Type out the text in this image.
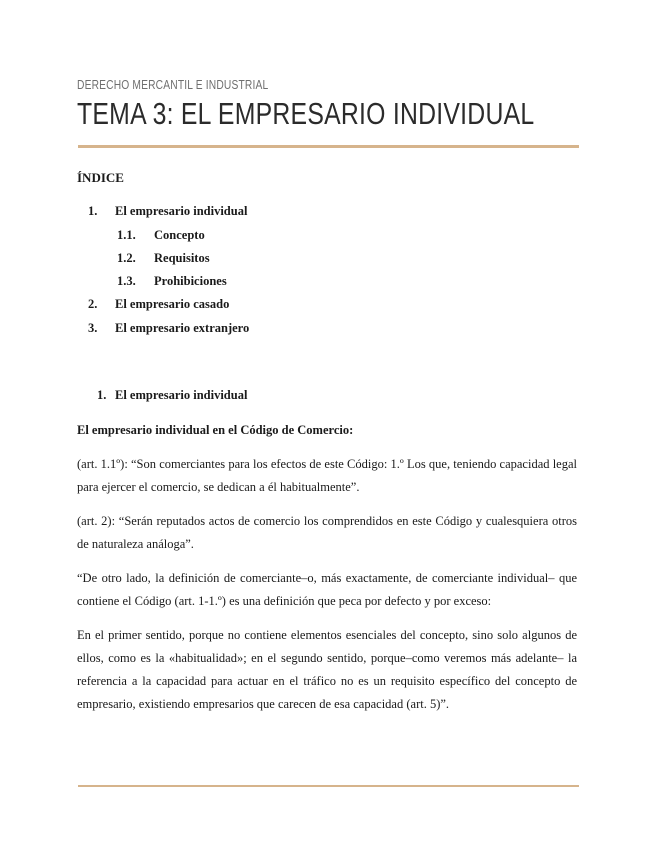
DERECHO MERCANTIL E INDUSTRIAL
TEMA 3: EL EMPRESARIO INDIVIDUAL
ÍNDICE
1. El empresario individual
1.1. Concepto
1.2. Requisitos
1.3. Prohibiciones
2. El empresario casado
3. El empresario extranjero
1. El empresario individual
El empresario individual en el Código de Comercio:
(art. 1.1º): “Son comerciantes para los efectos de este Código: 1.º Los que, teniendo capacidad legal para ejercer el comercio, se dedican a él habitualmente”.
(art. 2): “Serán reputados actos de comercio los comprendidos en este Código y cualesquiera otros de naturaleza análoga”.
“De otro lado, la definición de comerciante–o, más exactamente, de comerciante individual– que contiene el Código (art. 1-1.º) es una definición que peca por defecto y por exceso:
En el primer sentido, porque no contiene elementos esenciales del concepto, sino solo algunos de ellos, como es la «habitualidad»; en el segundo sentido, porque–como veremos más adelante– la referencia a la capacidad para actuar en el tráfico no es un requisito específico del concepto de empresario, existiendo empresarios que carecen de esa capacidad (art. 5)”.
